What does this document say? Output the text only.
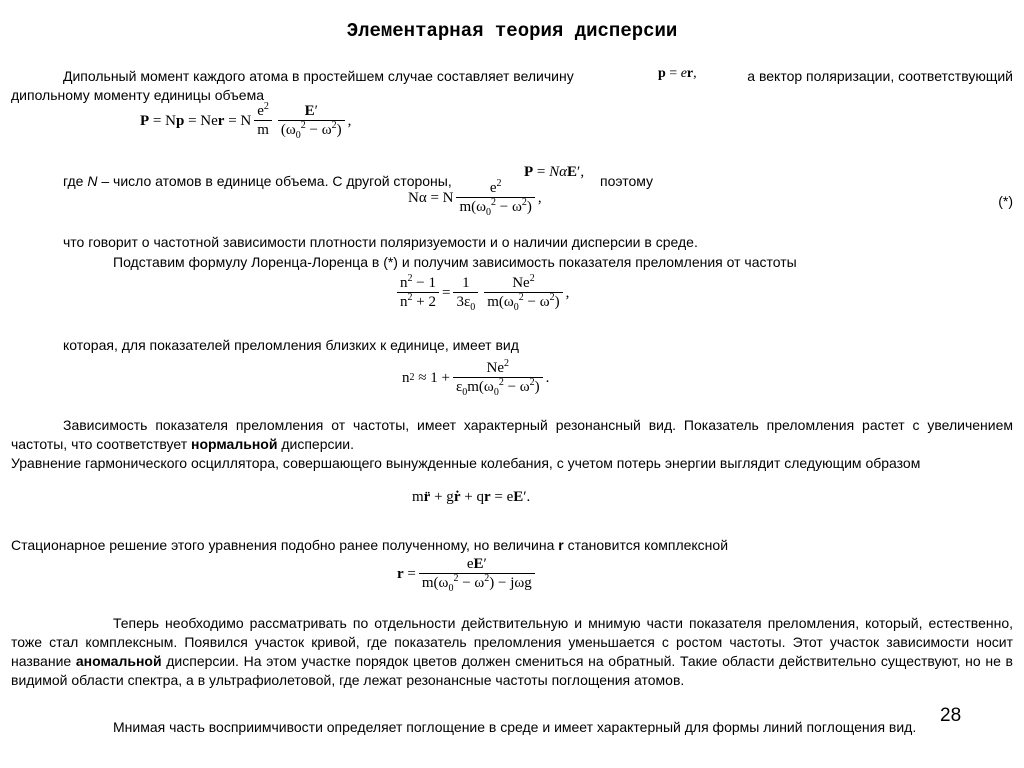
Элементарная теория дисперсии
Дипольный момент каждого атома в простейшем случае составляет величину	p = e r ,	а вектор поляризации, соответствующий
дипольному моменту единицы объема
P = N p = Ne r = N $\frac{e^2}{m} \frac{E'}{(\omega_0^2 - \omega^2)}$ ,
где N – число атомов в единице объема. С другой стороны,
P = Nα E ′,
поэтому
Nα = N $\frac{e^2}{m(\omega_0^2 - \omega^2)}$ ,	(*)
что говорит о частотной зависимости плотности поляризуемости и о наличии дисперсии в среде.
Подставим формулу Лоренца-Лоренца в (*) и получим зависимость показателя преломления от частоты
$\frac{n^2 - 1}{n^2 + 2} = \frac{1}{3\varepsilon_0} \frac{Ne^2}{m(\omega_0^2 - \omega^2)}$ ,
которая, для показателей преломления близких к единице, имеет вид
n $2 \approx 1 + \frac{Ne^2}{\varepsilon_0m(\omega_0^2 - \omega^2)}$ .
Зависимость показателя преломления от частоты, имеет характерный резонансный вид. Показатель преломления растет с увеличением частоты, что соответствует нормальной дисперсии.
Уравнение гармонического осциллятора, совершающего вынужденные колебания, с учетом потерь энергии выглядит следующим образом
m r̈ + g ṙ + q r = e E ′.
Стационарное решение этого уравнения подобно ранее полученному, но величина r становится комплексной
$r = \frac{eE'}{m(\omega_0^2 - \omega^2) - j\omega g}$
Теперь необходимо рассматривать по отдельности действительную и мнимую части показателя преломления, который, естественно, тоже стал комплексным. Появился участок кривой, где показатель преломления уменьшается с ростом частоты. Этот участок зависимости носит название аномальной дисперсии. На этом участке порядок цветов должен смениться на обратный. Такие области действительно существуют, но не в видимой области спектра, а в ультрафиолетовой, где лежат резонансные частоты поглощения атомов.
Мнимая часть восприимчивости определяет поглощение в среде и имеет характерный для формы линий поглощения вид.
28
